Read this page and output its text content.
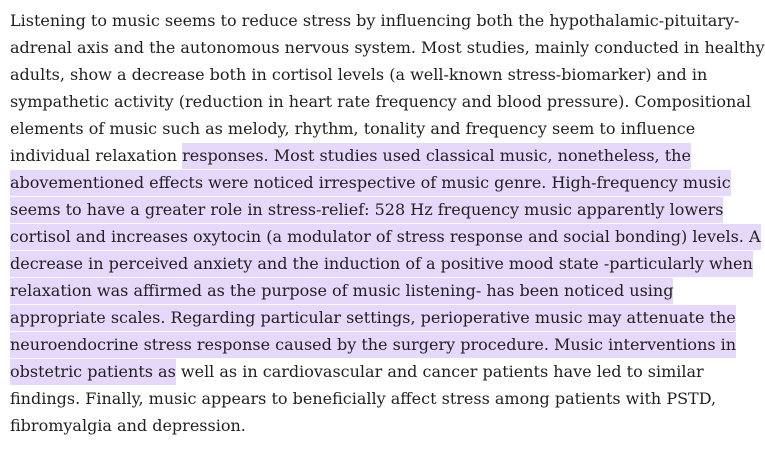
Listening to music seems to reduce stress by influencing both the hypothalamic-pituitary-
adrenal axis and the autonomous nervous system. Most studies, mainly conducted in healthy
adults, show a decrease both in cortisol levels (a well-known stress-biomarker) and in
sympathetic activity (reduction in heart rate frequency and blood pressure). Compositional
elements of music such as melody, rhythm, tonality and frequency seem to influence
individual relaxation responses. Most studies used classical music, nonetheless, the
abovementioned effects were noticed irrespective of music genre. High-frequency music
seems to have a greater role in stress-relief: 528 Hz frequency music apparently lowers
cortisol and increases oxytocin (a modulator of stress response and social bonding) levels. A
decrease in perceived anxiety and the induction of a positive mood state -particularly when
relaxation was affirmed as the purpose of music listening- has been noticed using
appropriate scales. Regarding particular settings, perioperative music may attenuate the
neuroendocrine stress response caused by the surgery procedure. Music interventions in
obstetric patients as well as in cardiovascular and cancer patients have led to similar
findings. Finally, music appears to beneficially affect stress among patients with PSTD,
fibromyalgia and depression.
